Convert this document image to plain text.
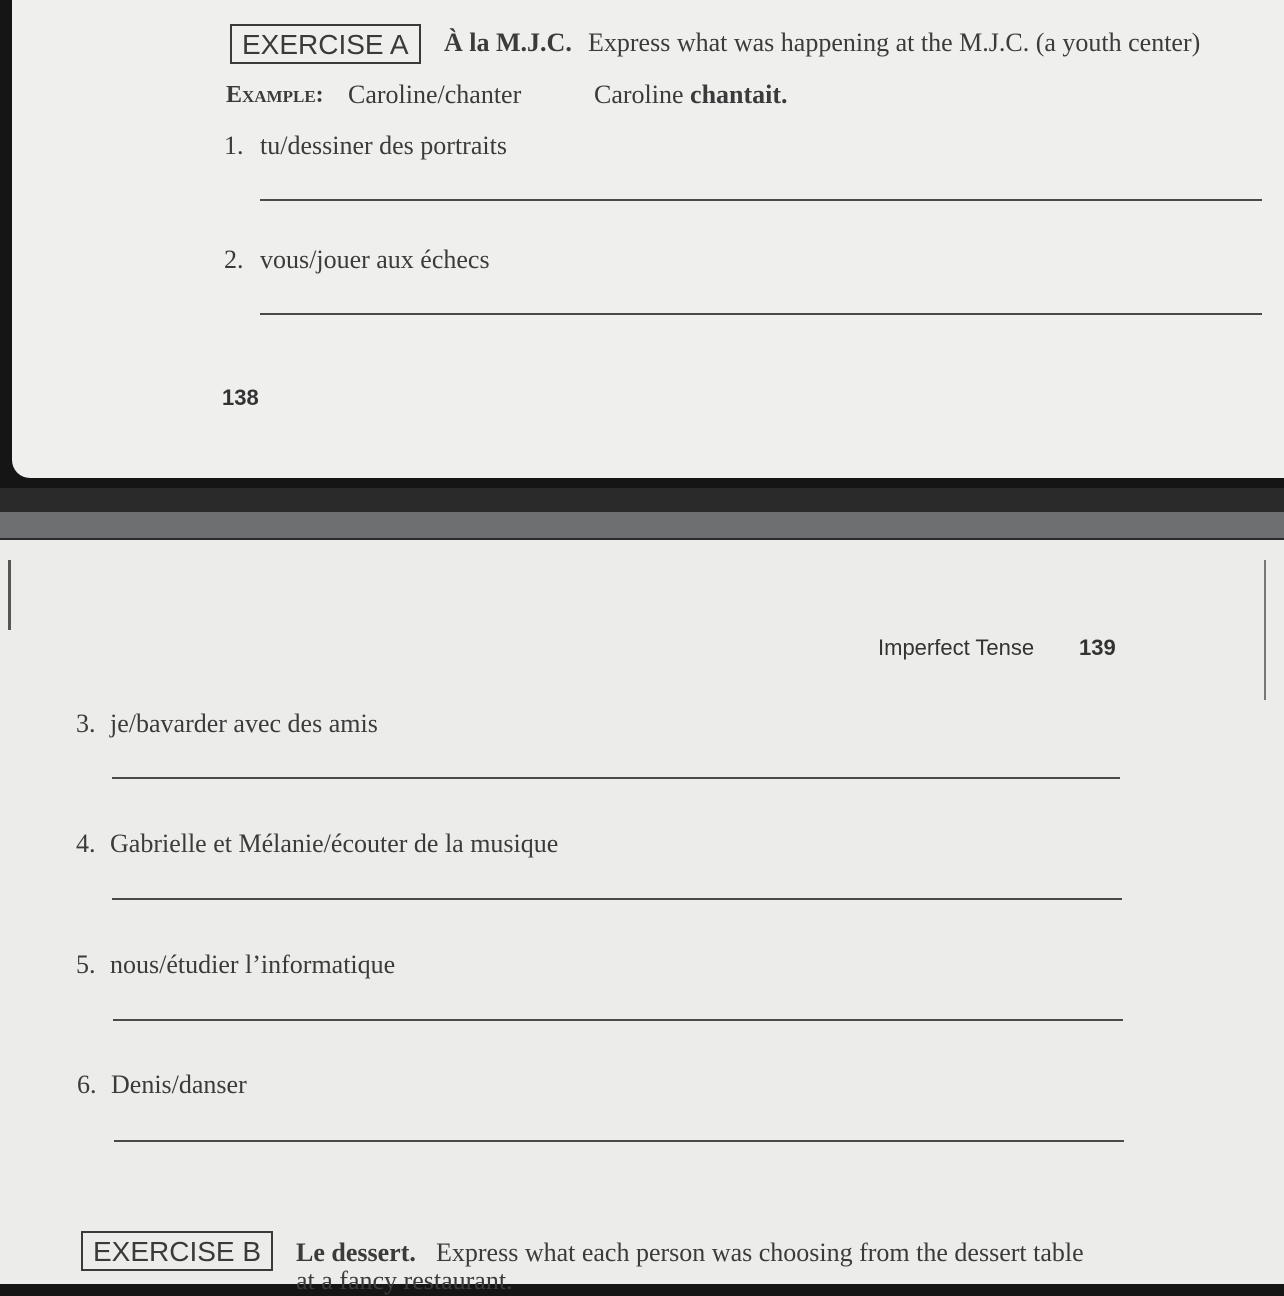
EXERCISE A	À la M.J.C. Express what was happening at the M.J.C. (a youth center)
Example: Caroline/chanter	Caroline chantait.
1. tu/dessiner des portraits
2. vous/jouer aux échecs
138
Imperfect Tense 139
3. je/bavarder avec des amis
4. Gabrielle et Mélanie/écouter de la musique
5. nous/étudier l’informatique
6. Denis/danser
EXERCISE B	Le dessert. Express what each person was choosing from the dessert table
at a fancy restaurant.
